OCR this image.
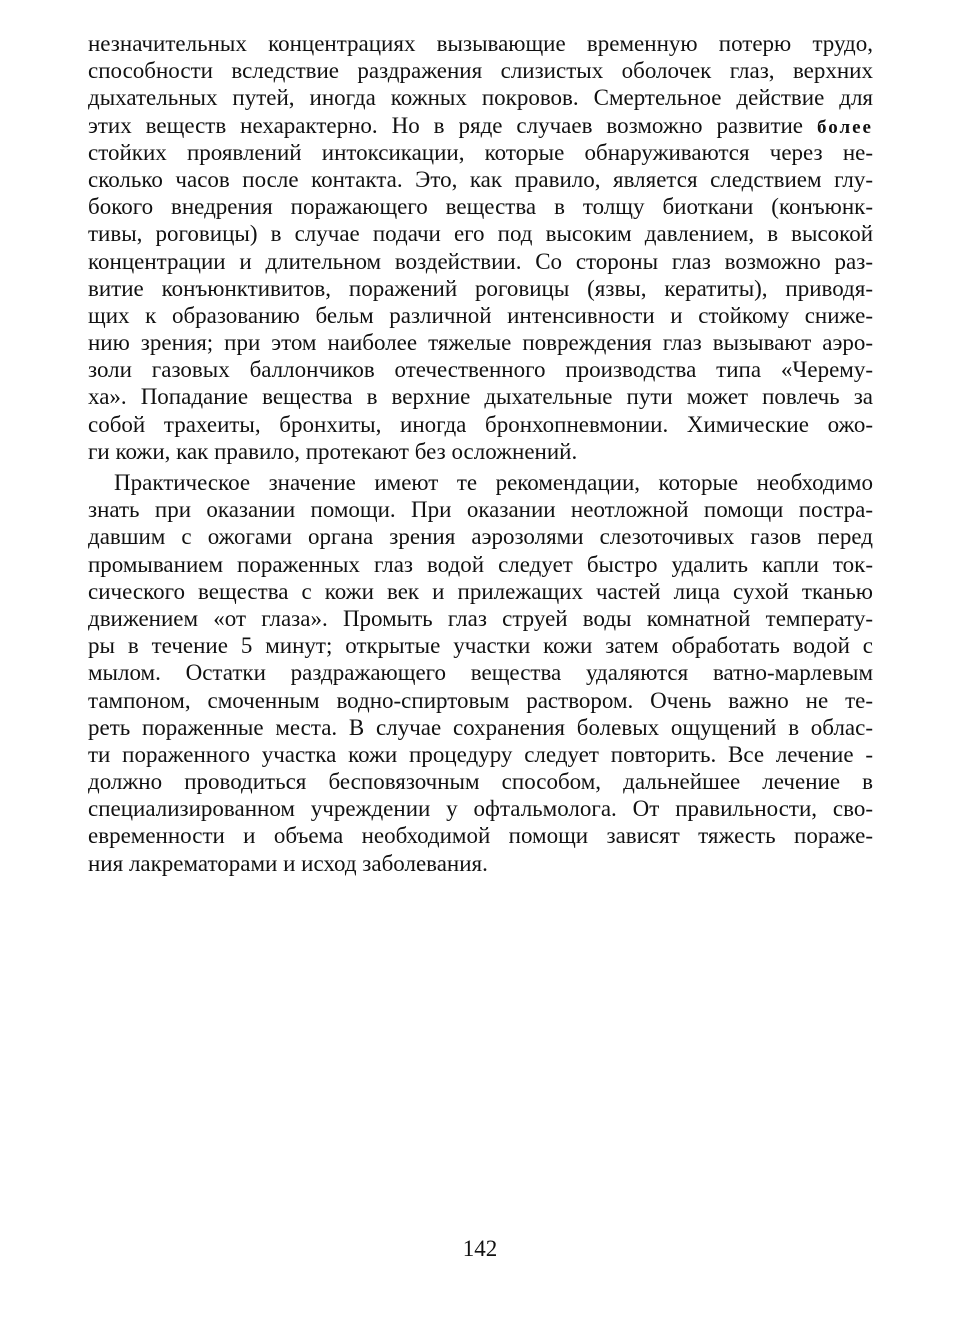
незначительных концентрациях вызывающие временную потерю трудо,
способности вследствие раздражения слизистых оболочек глаз, верхних
дыхательных путей, иногда кожных покровов. Смертельное действие для
этих веществ нехарактерно. Но в ряде случаев возможно развитие более
стойких проявлений интоксикации, которые обнаруживаются через не-
сколько часов после контакта. Это, как правило, является следствием глу-
бокого внедрения поражающего вещества в толщу биоткани (конъюнк-
тивы, роговицы) в случае подачи его под высоким давлением, в высокой
концентрации и длительном воздействии. Со стороны глаз возможно раз-
витие конъюнктивитов, поражений роговицы (язвы, кератиты), приводя-
щих к образованию бельм различной интенсивности и стойкому сниже-
нию зрения; при этом наиболее тяжелые повреждения глаз вызывают аэро-
золи газовых баллончиков отечественного производства типа «Черему-
ха». Попадание вещества в верхние дыхательные пути может повлечь за
собой трахеиты, бронхиты, иногда бронхопневмонии. Химические ожо-
ги кожи, как правило, протекают без осложнений.
Практическое значение имеют те рекомендации, которые необходимо
знать при оказании помощи. При оказании неотложной помощи постра-
давшим с ожогами органа зрения аэрозолями слезоточивых газов перед
промыванием пораженных глаз водой следует быстро удалить капли ток-
сического вещества с кожи век и прилежащих частей лица сухой тканью
движением «от глаза». Промыть глаз струей воды комнатной температу-
ры в течение 5 минут; открытые участки кожи затем обработать водой с
мылом. Остатки раздражающего вещества удаляются ватно-марлевым
тампоном, смоченным водно-спиртовым раствором. Очень важно не те-
реть пораженные места. В случае сохранения болевых ощущений в облас-
ти пораженного участка кожи процедуру следует повторить. Все лечение -
должно проводиться бесповязочным способом, дальнейшее лечение в
специализированном учреждении у офтальмолога. От правильности, сво-
евременности и объема необходимой помощи зависят тяжесть пораже-
ния лакрематорами и исход заболевания.
142
